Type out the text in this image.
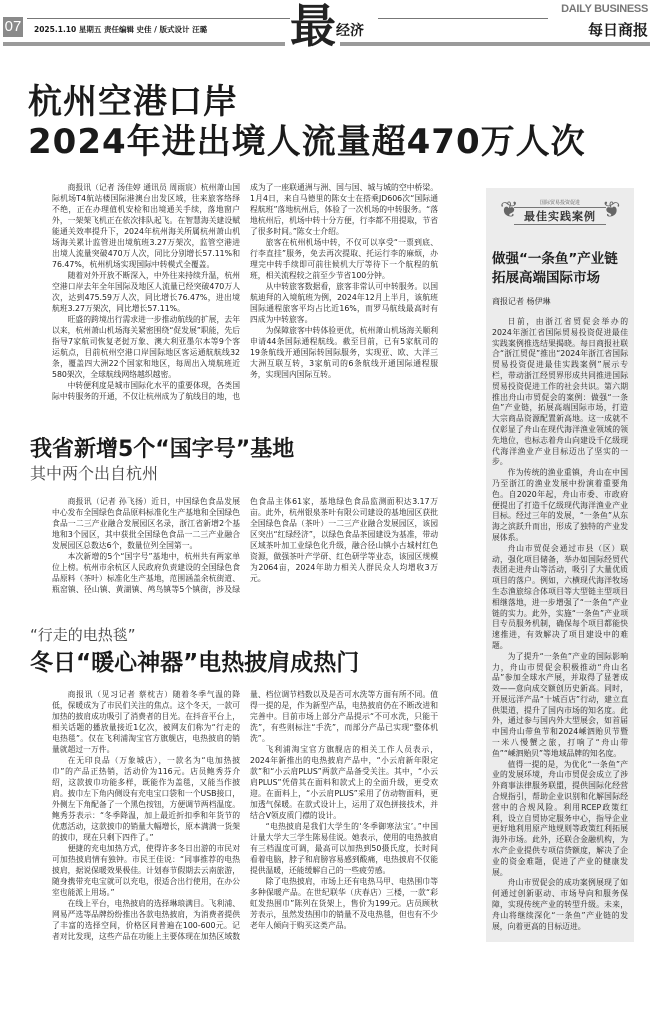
07 2025.1.10 星期五 责任编辑 史佳 / 版式设计 汪璐 最 经济
DAILY BUSINESS
每日商报
杭州空港口岸
2024年进出境人流量超470万人次

商报讯（记者 汤佳婷 通讯员 周雨宸）杭州萧山国际机场T4航站楼国际港澳台出发区域，往来旅客络绎不绝，正在办理值机安检和出境通关手续，落地窗户外，一架架飞机正在依次排队起飞。在智慧海关建设赋能通关效率提升下，2024年杭州海关所属杭州萧山机场海关累计监管进出境航班3.27万架次，监管空港进出境人流量突破470万人次，同比分别增长57.11%和76.47%，杭州机场实现国际中转模式全覆盖。

随着对外开放不断深入，中外往来持续升温，杭州空港口岸去年全年国际及地区人流量已经突破470万人次，达到475.59万人次，同比增长76.47%，进出境航班3.27万架次，同比增长57.11%。

旺盛的跨境出行需求进一步推动航线的扩展，去年以来，杭州萧山机场海关紧密围绕“促发展”职能，先后指导7家航司恢复老挝万象、澳大利亚墨尔本等9个客运航点，目前杭州空港口岸国际地区客运通航航线32条，覆盖四大洲22个国家和地区，每周出入境航班近580架次，全球航线网络越织越密。

中转便利度是城市国际化水平的重要体现，各类国际中转服务的开通，不仅让杭州成为了航线目的地，也成为了一座联通洲与洲、国与国、城与城的空中桥梁。1月4日，来自马德里的陈女士在搭乘JD606次“国际通程航班”落地杭州后，体验了一次机场的中转服务。“落地杭州后，机场中转十分方便，行李都不用提取，节省了很多时间。”陈女士介绍。

旅客在杭州机场中转，不仅可以享受“一票到底、行李直挂”服务，免去再次提取、托运行李的麻烦，办理完中转手续即可前往候机大厅等待下一个航程的航班，相关流程较之前至少节省100分钟。

从中转旅客数据看，旅客非常认可中转服务。以国航迪拜的入境航班为例，2024年12月上半月，该航班国际通程旅客平均占比近16%，而罗马航线最高时有四成为中转旅客。

为保障旅客中转体验更优，杭州萧山机场海关顺利申请44条国际通程航线。截至目前，已有5家航司的19条航线开通国际转国际服务，实现亚、欧、大洋三大洲互联互转，3家航司的6条航线开通国际通程服务，实现国内国际互转。

我省新增5个“国字号”基地
其中两个出自杭州

商报讯（记者 孙飞扬）近日，中国绿色食品发展中心发布全国绿色食品原料标准化生产基地和全国绿色食品一二三产业融合发展园区名录，浙江省新增2个基地和3个园区，其中获批全国绿色食品一二三产业融合发展园区总数达6个，数量位列全国第一。

本次新增的5个“国字号”基地中，杭州共有两家单位上榜。杭州市余杭区人民政府负责建设的全国绿色食品原料（茶叶）标准化生产基地，范围涵盖余杭街道、瓶窑镇、径山镇、黄湖镇、鸬鸟镇等5个镇街，涉及绿色食品主体61家，基地绿色食品监测面积达3.17万亩。此外，杭州银泉茶叶有限公司建设的基地园区获批全国绿色食品（茶叶）一二三产业融合发展园区，该园区突出“红绿经济”，以绿色食品茶园建设为基准，带动区域茶叶加工业绿色化升级，融合径山镇小古城村红色资源，做强茶叶产学研、红色研学等业态，该园区规模为2064亩，2024年助力相关人群民众人均增收3万元。

“行走的电热毯”
冬日“暖心神器”电热披肩成热门

商报讯（见习记者 蔡枕吉）随着冬季气温的降低，保暖成为了市民们关注的焦点。这个冬天，一款可加热的披肩成功吸引了消费者的目光。在抖音平台上，相关话题的播放量接近1亿次，被网友们称为“行走的电热毯”。仅在飞利浦淘宝官方旗舰店，电热披肩的销量就超过一万件。

在无印良品（万象城店），一款名为“电加热披巾”的产品正热销，活动价为116元。店员鲍秀芬介绍，这款披巾功能多样，既能作为盖毯，又能当作披肩。披巾左下角内侧设有充电宝口袋和一个USB接口，外侧左下角配备了一个黑色按钮，方便调节两档温度。鲍秀芬表示：“冬季降温，加上最近折扣季和年货节的优惠活动，这款披巾的销量大幅增长，原本满满一货架的披巾，现在只剩下四件了。”

便捷的充电加热方式，使得许多冬日出游的市民对可加热披肩情有独钟。市民王佳说：“同事推荐的电热披肩，据说保暖效果极佳。计划春节假期去云南旅游，随身携带充电宝就可以充电，很适合出行使用，在办公室也能派上用场。”

在线上平台，电热披肩的选择琳琅满目。飞利浦、网易严选等品牌纷纷推出各款电热披肩，为消费者提供了丰富的选择空间，价格区间普遍在100-600元。记者对比发现，这些产品在功能上主要体现在加热区域数量、档位调节档数以及是否可水洗等方面有所不同。值得一提的是，作为新型产品，电热披肩仍在不断改进和完善中。目前市场上部分产品提示“不可水洗，只能干洗”，有些则标注“手洗”，而部分产品已实现“整体机洗”。

飞利浦淘宝官方旗舰店的相关工作人员表示，2024年新推出的电热披肩产品中，“小云肩新年限定款”和“小云肩PLUS”两款产品备受关注。其中，“小云肩PLUS”凭借其在面料和款式上的全面升级，更受欢迎。在面料上，“小云肩PLUS”采用了仿动物面料，更加透气保暖。在款式设计上，运用了双色拼接技术，并结合V领皮质门襟的设计。

“电热披肩是我们大学生的‘冬季御寒法宝’。”中国计量大学大三学生陈易佳说。她表示，使用的电热披肩有三档温度可调，最高可以加热到50摄氏度，长时间看着电脑，脖子和肩膀容易感到酸痛，电热披肩不仅能提供温暖，还能缓解自己的一些疲劳感。

除了电热披肩，市场上还有电热马甲、电热围巾等多种保暖产品。在世纪联华（庆春店）三楼，一款“彩虹发热围巾”陈列在货架上，售价为199元。店员顾秋芳表示，虽然发热围巾的销量不及电热毯，但也有不少老年人倾向于购买这类产品。

❦	❦
国际贸易投资促进
最佳实践案例
做强“一条鱼”产业链
拓展高端国际市场
商报记者 杨伊琳

日前，由浙江省贸促会举办的2024年浙江省国际贸易投资促进最佳实践案例推选结果揭晓。每日商报社联合“浙江贸促”推出“2024年浙江省国际贸易投资促进最佳实践案例”展示专栏，带动浙江经贸界形成共同推进国际贸易投资促进工作的社会共识。第六期推出舟山市贸促会的案例：做强“一条鱼”产业链，拓展高端国际市场，打造大宗商品资源配置新高地。这一成就不仅彰显了舟山在现代海洋渔业领域的领先地位，也标志着舟山向建设千亿级现代海洋渔业产业目标迈出了坚实的一步。

作为传统的渔业重镇，舟山在中国乃至浙江的渔业发展中扮演着重要角色。自2020年起，舟山市委、市政府便提出了打造千亿级现代海洋渔业产业目标。经过三年的发展，“一条鱼”从东海之滨跃升而出，形成了独特的产业发展体系。

舟山市贸促会通过市县（区）联动，强化项目储备，举办如国际经贸代表团走进舟山等活动，吸引了大量优质项目的落户。例如，六横现代海洋牧场生态渔旅综合体项目等大型链主型项目相继落地，进一步增强了“一条鱼”产业链的实力。此外，实施“一条鱼”产业项目专员服务机制，确保每个项目都能快速推进，有效解决了项目建设中的难题。

为了提升“一条鱼”产业的国际影响力，舟山市贸促会积极推动“舟山名品”参加全球水产展，并取得了显著成效——意向成交额创历史新高。同时，开展远洋产品“十城百店”行动，建立直供渠道，提升了国内市场的知名度。此外，通过参与国内外大型展会，如首届中国舟山带鱼节和2024嵊泗贻贝节暨一米八慢蟹之旅，打响了“舟山带鱼”“嵊泗贻贝”等地域品牌的知名度。

值得一提的是，为优化“一条鱼”产业的发展环境，舟山市贸促会成立了涉外商事法律服务联盟，提供国际化经营合规指引，帮助企业识别和化解国际经营中的合规风险。利用RCEP政策红利，设立自贸协定服务中心，指导企业更好地利用原产地规则等政策红利拓展海外市场。此外，还联合金融机构，为水产企业提供专项信贷额度，解决了企业的资金难题，促进了产业的健康发展。

舟山市贸促会的成功案例展现了如何通过创新驱动、市场导向和服务保障，实现传统产业的转型升级。未来，舟山将继续深化“一条鱼”产业链的发展，向着更高的目标迈进。
